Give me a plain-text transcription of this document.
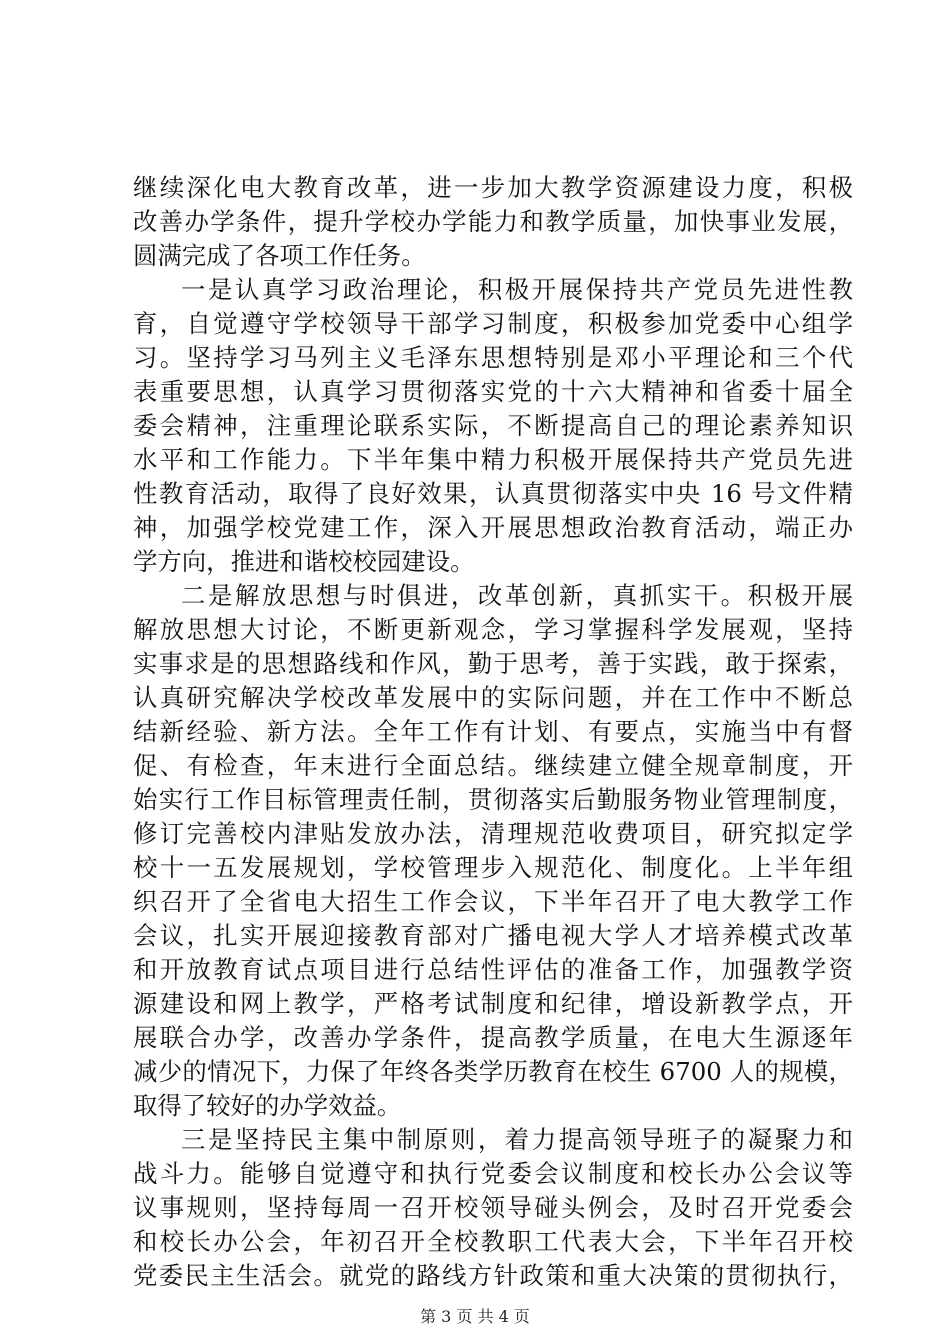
继续深化电大教育改革，进一步加大教学资源建设力度，积极
改善办学条件，提升学校办学能力和教学质量，加快事业发展，
圆满完成了各项工作任务。
一是认真学习政治理论，积极开展保持共产党员先进性教
育，自觉遵守学校领导干部学习制度，积极参加党委中心组学
习。坚持学习马列主义毛泽东思想特别是邓小平理论和三个代
表重要思想，认真学习贯彻落实党的十六大精神和省委十届全
委会精神，注重理论联系实际，不断提高自己的理论素养知识
水平和工作能力。下半年集中精力积极开展保持共产党员先进
性教育活动，取得了良好效果，认真贯彻落实中央 16 号文件精
神，加强学校党建工作，深入开展思想政治教育活动，端正办
学方向，推进和谐校校园建设。
二是解放思想与时俱进，改革创新，真抓实干。积极开展
解放思想大讨论，不断更新观念，学习掌握科学发展观，坚持
实事求是的思想路线和作风，勤于思考，善于实践，敢于探索，
认真研究解决学校改革发展中的实际问题，并在工作中不断总
结新经验、新方法。全年工作有计划、有要点，实施当中有督
促、有检查，年末进行全面总结。继续建立健全规章制度，开
始实行工作目标管理责任制，贯彻落实后勤服务物业管理制度，
修订完善校内津贴发放办法，清理规范收费项目，研究拟定学
校十一五发展规划，学校管理步入规范化、制度化。上半年组
织召开了全省电大招生工作会议，下半年召开了电大教学工作
会议，扎实开展迎接教育部对广播电视大学人才培养模式改革
和开放教育试点项目进行总结性评估的准备工作，加强教学资
源建设和网上教学，严格考试制度和纪律，增设新教学点，开
展联合办学，改善办学条件，提高教学质量，在电大生源逐年
减少的情况下，力保了年终各类学历教育在校生 6700 人的规模，
取得了较好的办学效益。
三是坚持民主集中制原则，着力提高领导班子的凝聚力和
战斗力。能够自觉遵守和执行党委会议制度和校长办公会议等
议事规则，坚持每周一召开校领导碰头例会，及时召开党委会
和校长办公会，年初召开全校教职工代表大会，下半年召开校
党委民主生活会。就党的路线方针政策和重大决策的贯彻执行，
第 3 页 共 4 页
